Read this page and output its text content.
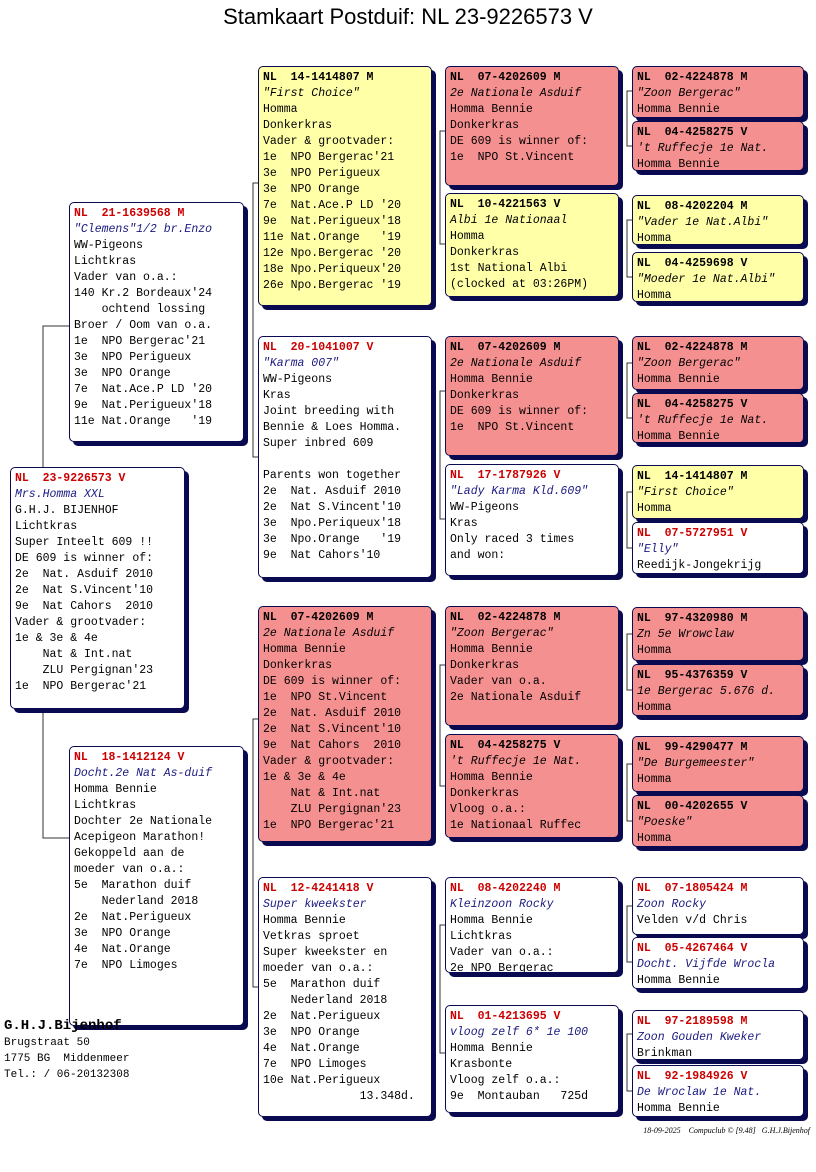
Stamkaart Postduif: NL 23-9226573 V
NL  23-9226573 V
Mrs.Homma XXL
G.H.J. BIJENHOF
Lichtkras
Super Inteelt 609 !!
DE 609 is winner of:
2e  Nat. Asduif 2010
2e  Nat S.Vincent'10
9e  Nat Cahors  2010
Vader & grootvader:
1e & 3e & 4e
Nat & Int.nat
ZLU Pergignan'23
1e  NPO Bergerac'21
NL  21-1639568 M
"Clemens"1/2 br.Enzo
WW-Pigeons
Lichtkras
Vader van o.a.:
140 Kr.2 Bordeaux'24
ochtend lossing
Broer / Oom van o.a.
1e  NPO Bergerac'21
3e  NPO Perigueux
3e  NPO Orange
7e  Nat.Ace.P LD '20
9e  Nat.Perigueux'18
11e Nat.Orange   '19
NL  18-1412124 V
Docht.2e Nat As-duif
Homma Bennie
Lichtkras
Dochter 2e Nationale
Acepigeon Marathon!
Gekoppeld aan de
moeder van o.a.:
5e  Marathon duif
Nederland 2018
2e  Nat.Perigueux
3e  NPO Orange
4e  Nat.Orange
7e  NPO Limoges
NL  14-1414807 M
"First Choice"
Homma
Donkerkras
Vader & grootvader:
1e  NPO Bergerac'21
3e  NPO Perigueux
3e  NPO Orange
7e  Nat.Ace.P LD '20
9e  Nat.Perigueux'18
11e Nat.Orange   '19
12e Npo.Bergerac '20
18e Npo.Periqueux'20
26e Npo.Bergerac '19
NL  20-1041007 V
"Karma 007"
WW-Pigeons
Kras
Joint breeding with
Bennie & Loes Homma.
Super inbred 609
Parents won together
2e  Nat. Asduif 2010
2e  Nat S.Vincent'10
3e  Npo.Periqueux'18
3e  Npo.Orange   '19
9e  Nat Cahors'10
NL  07-4202609 M
2e Nationale Asduif
Homma Bennie
Donkerkras
DE 609 is winner of:
1e  NPO St.Vincent
2e  Nat. Asduif 2010
2e  Nat S.Vincent'10
9e  Nat Cahors  2010
Vader & grootvader:
1e & 3e & 4e
Nat & Int.nat
ZLU Pergignan'23
1e  NPO Bergerac'21
NL  12-4241418 V
Super kweekster
Homma Bennie
Vetkras sproet
Super kweekster en
moeder van o.a.:
5e  Marathon duif
Nederland 2018
2e  Nat.Perigueux
3e  NPO Orange
4e  Nat.Orange
7e  NPO Limoges
10e Nat.Perigueux
13.348d.
NL  07-4202609 M
2e Nationale Asduif
Homma Bennie
Donkerkras
DE 609 is winner of:
1e  NPO St.Vincent
NL  10-4221563 V
Albi 1e Nationaal
Homma
Donkerkras
1st National Albi
(clocked at 03:26PM)
NL  07-4202609 M
2e Nationale Asduif
Homma Bennie
Donkerkras
DE 609 is winner of:
1e  NPO St.Vincent
NL  17-1787926 V
"Lady Karma Kld.609"
WW-Pigeons
Kras
Only raced 3 times
and won:
NL  02-4224878 M
"Zoon Bergerac"
Homma Bennie
Donkerkras
Vader van o.a.
2e Nationale Asduif
NL  04-4258275 V
't Ruffecje 1e Nat.
Homma Bennie
Donkerkras
Vloog o.a.:
1e Nationaal Ruffec
NL  08-4202240 M
Kleinzoon Rocky
Homma Bennie
Lichtkras
Vader van o.a.:
2e NPO Bergerac
NL  01-4213695 V
vloog zelf 6* 1e 100
Homma Bennie
Krasbonte
Vloog zelf o.a.:
9e  Montauban   725d
NL  02-4224878 M
"Zoon Bergerac"
Homma Bennie
NL  04-4258275 V
't Ruffecje 1e Nat.
Homma Bennie
NL  08-4202204 M
"Vader 1e Nat.Albi"
Homma
NL  04-4259698 V
"Moeder 1e Nat.Albi"
Homma
NL  02-4224878 M
"Zoon Bergerac"
Homma Bennie
NL  04-4258275 V
't Ruffecje 1e Nat.
Homma Bennie
NL  14-1414807 M
"First Choice"
Homma
NL  07-5727951 V
"Elly"
Reedijk-Jongekrijg
NL  97-4320980 M
Zn 5e Wrowclaw
Homma
NL  95-4376359 V
1e Bergerac 5.676 d.
Homma
NL  99-4290477 M
"De Burgemeester"
Homma
NL  00-4202655 V
"Poeske"
Homma
NL  07-1805424 M
Zoon Rocky
Velden v/d Chris
NL  05-4267464 V
Docht. Vijfde Wrocla
Homma Bennie
NL  97-2189598 M
Zoon Gouden Kweker
Brinkman
NL  92-1984926 V
De Wroclaw 1e Nat.
Homma Bennie
G.H.J.Bijenhof
Brugstraat 50
1775 BG  Middenmeer
Tel.: / 06-20132308
18-09-2025    Compuclub © [9.48]   G.H.J.Bijenhof
